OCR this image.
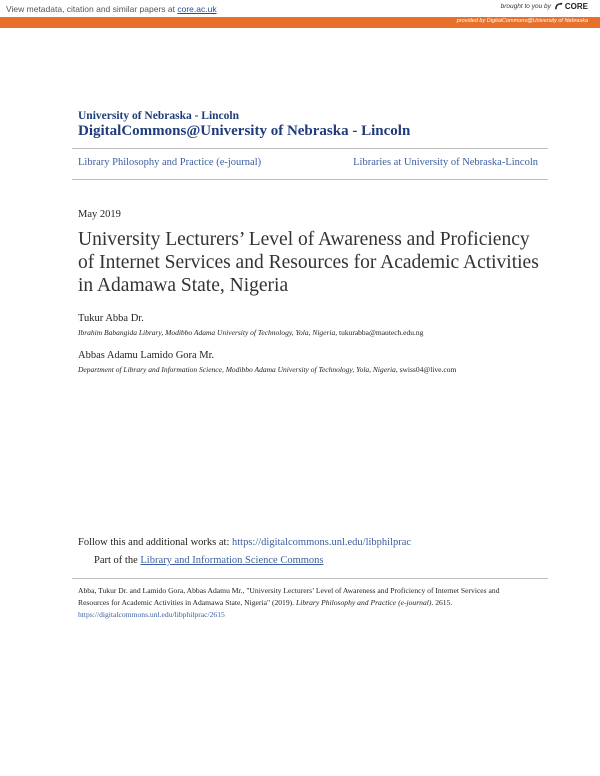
View metadata, citation and similar papers at core.ac.uk	brought to you by CORE
provided by DigitalCommons@University of Nebraska
University of Nebraska - Lincoln
DigitalCommons@University of Nebraska - Lincoln
Library Philosophy and Practice (e-journal)	Libraries at University of Nebraska-Lincoln
May 2019
University Lecturers’ Level of Awareness and Proficiency of Internet Services and Resources for Academic Activities in Adamawa State, Nigeria
Tukur Abba Dr.
Ibrahim Babangida Library, Modibbo Adama University of Technology, Yola, Nigeria, tukurabba@mautech.edu.ng
Abbas Adamu Lamido Gora Mr.
Department of Library and Information Science, Modibbo Adama University of Technology, Yola, Nigeria, swiss04@live.com
Follow this and additional works at: https://digitalcommons.unl.edu/libphilprac
Part of the Library and Information Science Commons
Abba, Tukur Dr. and Lamido Gora, Abbas Adamu Mr., "University Lecturers’ Level of Awareness and Proficiency of Internet Services and Resources for Academic Activities in Adamawa State, Nigeria" (2019). Library Philosophy and Practice (e-journal). 2615.
https://digitalcommons.unl.edu/libphilprac/2615
